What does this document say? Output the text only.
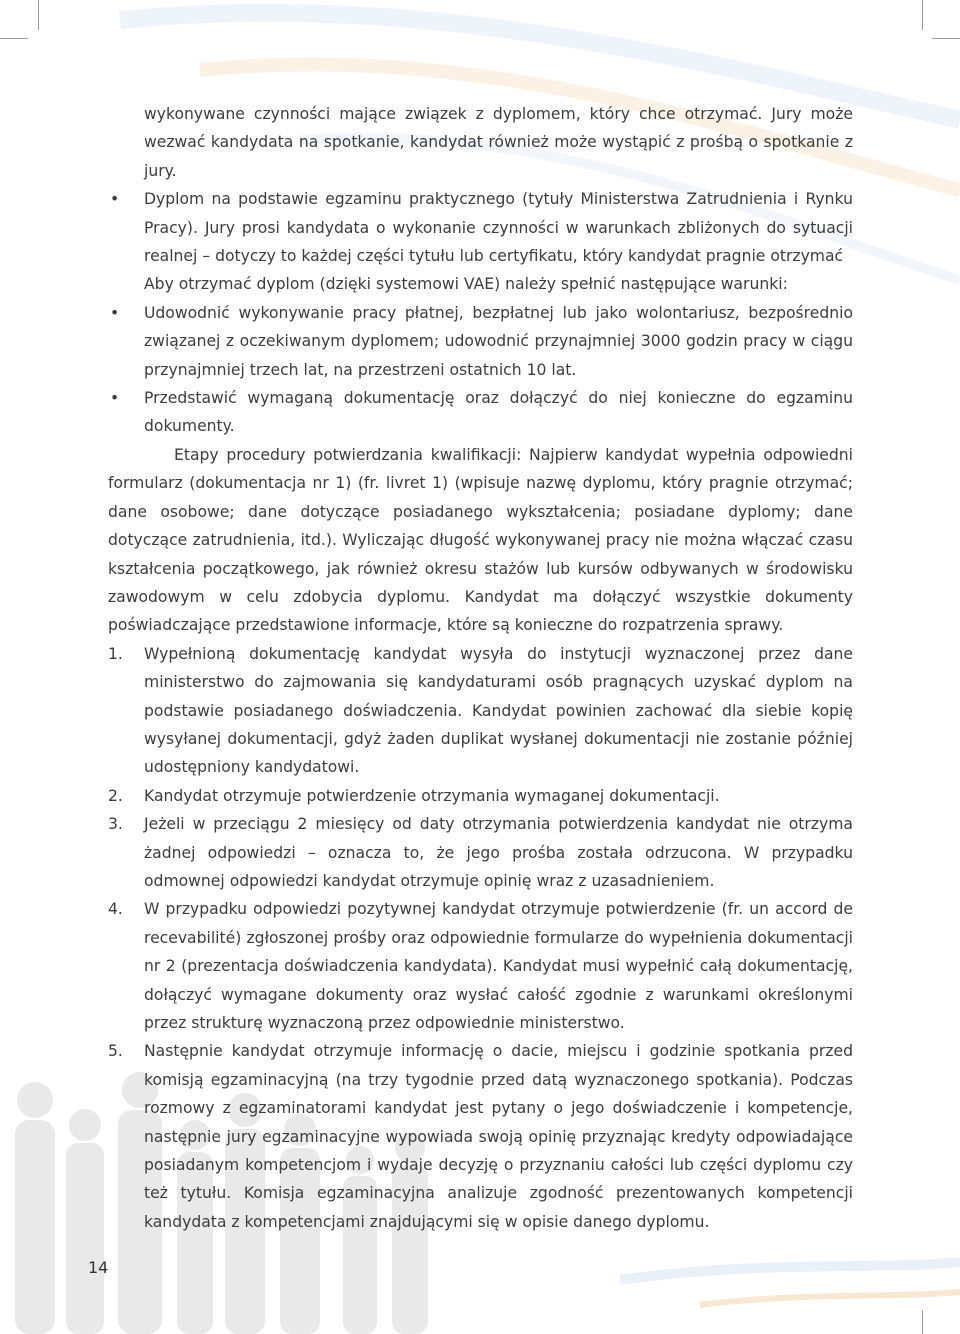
wykonywane czynności mające związek z dyplomem, który chce otrzymać. Jury może wezwać kandydata na spotkanie, kandydat również może wystąpić z prośbą o spotkanie z jury.

• Dyplom na podstawie egzaminu praktycznego (tytuły Ministerstwa Zatrudnienia i Rynku Pracy). Jury prosi kandydata o wykonanie czynności w warunkach zbliżonych do sytuacji realnej – dotyczy to każdej części tytułu lub certyfikatu, który kandydat pragnie otrzymać

Aby otrzymać dyplom (dzięki systemowi VAE) należy spełnić następujące warunki:

• Udowodnić wykonywanie pracy płatnej, bezpłatnej lub jako wolontariusz, bezpośrednio związanej z oczekiwanym dyplomem; udowodnić przynajmniej 3000 godzin pracy w ciągu przynajmniej trzech lat, na przestrzeni ostatnich 10 lat.

• Przedstawić wymaganą dokumentację oraz dołączyć do niej konieczne do egzaminu dokumenty.

Etapy procedury potwierdzania kwalifikacji: Najpierw kandydat wypełnia odpowiedni formularz (dokumentacja nr 1) (fr. livret 1) (wpisuje nazwę dyplomu, który pragnie otrzymać; dane osobowe; dane dotyczące posiadanego wykształcenia; posiadane dyplomy; dane dotyczące zatrudnienia, itd.). Wyliczając długość wykonywanej pracy nie można włączać czasu kształcenia początkowego, jak również okresu stażów lub kursów odbywanych w środowisku zawodowym w celu zdobycia dyplomu. Kandydat ma dołączyć wszystkie dokumenty poświadczające przedstawione informacje, które są konieczne do rozpatrzenia sprawy.

1. Wypełnioną dokumentację kandydat wysyła do instytucji wyznaczonej przez dane ministerstwo do zajmowania się kandydaturami osób pragnących uzyskać dyplom na podstawie posiadanego doświadczenia. Kandydat powinien zachować dla siebie kopię wysyłanej dokumentacji, gdyż żaden duplikat wysłanej dokumentacji nie zostanie później udostępniony kandydatowi.

2. Kandydat otrzymuje potwierdzenie otrzymania wymaganej dokumentacji.

3. Jeżeli w przeciągu 2 miesięcy od daty otrzymania potwierdzenia kandydat nie otrzyma żadnej odpowiedzi – oznacza to, że jego prośba została odrzucona. W przypadku odmownej odpowiedzi kandydat otrzymuje opinię wraz z uzasadnieniem.

4. W przypadku odpowiedzi pozytywnej kandydat otrzymuje potwierdzenie (fr. un accord de recevabilité) zgłoszonej prośby oraz odpowiednie formularze do wypełnienia dokumentacji nr 2 (prezentacja doświadczenia kandydata). Kandydat musi wypełnić całą dokumentację, dołączyć wymagane dokumenty oraz wysłać całość zgodnie z warunkami określonymi przez strukturę wyznaczoną przez odpowiednie ministerstwo.

5. Następnie kandydat otrzymuje informację o dacie, miejscu i godzinie spotkania przed komisją egzaminacyjną (na trzy tygodnie przed datą wyznaczonego spotkania). Podczas rozmowy z egzaminatorami kandydat jest pytany o jego doświadczenie i kompetencje, następnie jury egzaminacyjne wypowiada swoją opinię przyznając kredyty odpowiadające posiadanym kompetencjom i wydaje decyzję o przyznaniu całości lub części dyplomu czy też tytułu. Komisja egzaminacyjna analizuje zgodność prezentowanych kompetencji kandydata z kompetencjami znajdującymi się w opisie danego dyplomu.

14
